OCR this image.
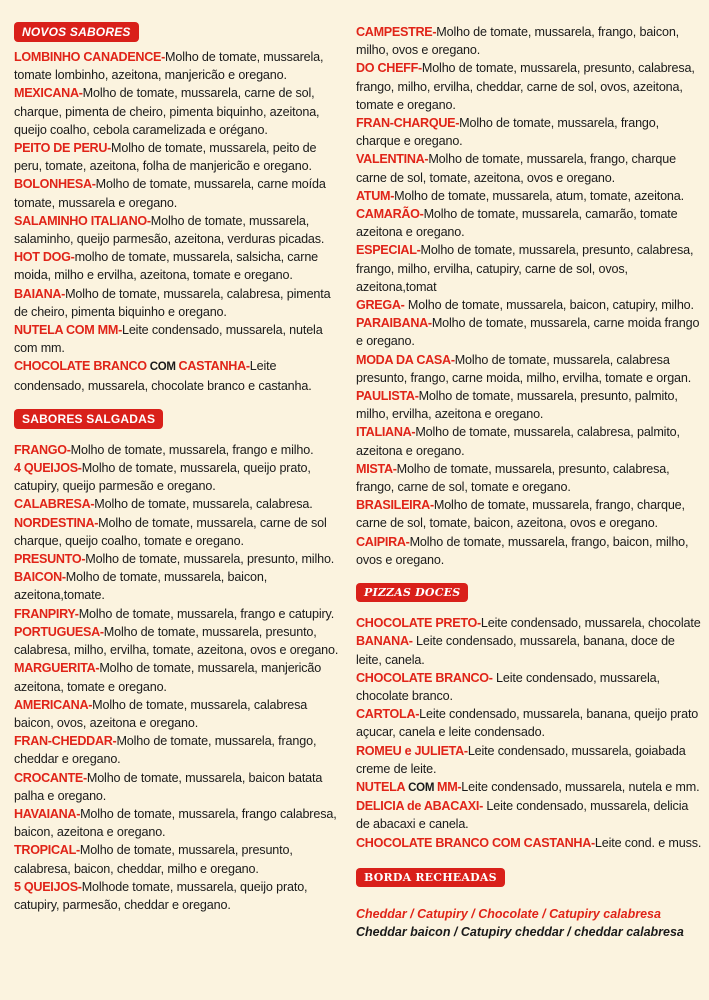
NOVOS SABORES
LOMBINHO CANADENCE-Molho de tomate, mussarela, tomate lombinho, azeitona, manjericão e oregano.
MEXICANA-Molho de tomate, mussarela, carne de sol, charque, pimenta de cheiro, pimenta biquinho, azeitona, queijo coalho, cebola caramelizada e orégano.
PEITO DE PERU-Molho de tomate, mussarela, peito de peru, tomate, azeitona, folha de manjericão e oregano.
BOLONHESA-Molho de tomate, mussarela, carne moída tomate, mussarela e oregano.
SALAMINHO ITALIANO-Molho de tomate, mussarela, salaminho, queijo parmesão, azeitona, verduras picadas.
HOT DOG-molho de tomate, mussarela, salsicha, carne moida, milho e ervilha, azeitona, tomate e oregano.
BAIANA-Molho de tomate, mussarela, calabresa, pimenta de cheiro, pimenta biquinho e oregano.
NUTELA COM MM-Leite condensado, mussarela, nutela com mm.
CHOCOLATE BRANCO COM CASTANHA-Leite condensado, mussarela, chocolate branco e castanha.
SABORES SALGADAS
FRANGO-Molho de tomate, mussarela, frango e milho.
4 QUEIJOS-Molho de tomate, mussarela, queijo prato, catupiry, queijo parmesão e oregano.
CALABRESA-Molho de tomate, mussarela, calabresa.
NORDESTINA-Molho de tomate, mussarela, carne de sol charque, queijo coalho, tomate e oregano.
PRESUNTO-Molho de tomate, mussarela, presunto, milho.
BAICON-Molho de tomate, mussarela, baicon, azeitona,tomate.
FRANPIRY-Molho de tomate, mussarela, frango e catupiry.
PORTUGUESA-Molho de tomate, mussarela, presunto, calabresa, milho, ervilha, tomate, azeitona, ovos e oregano.
MARGUERITA-Molho de tomate, mussarela, manjericão azeitona, tomate e oregano.
AMERICANA-Molho de tomate, mussarela, calabresa baicon, ovos, azeitona e oregano.
FRAN-CHEDDAR-Molho de tomate, mussarela, frango, cheddar e oregano.
CROCANTE-Molho de tomate, mussarela, baicon batata palha e oregano.
HAVAIANA-Molho de tomate, mussarela, frango calabresa, baicon, azeitona e oregano.
TROPICAL-Molho de tomate, mussarela, presunto, calabresa, baicon, cheddar, milho e oregano.
5 QUEIJOS-Molhode tomate, mussarela, queijo prato, catupiry, parmesão, cheddar e oregano.
CAMPESTRE-Molho de tomate, mussarela, frango, baicon, milho, ovos e oregano.
DO CHEFF-Molho de tomate, mussarela, presunto, calabresa, frango, milho, ervilha, cheddar, carne de sol, ovos, azeitona, tomate e oregano.
FRAN-CHARQUE-Molho de tomate, mussarela, frango, charque e oregano.
VALENTINA-Molho de tomate, mussarela, frango, charque carne de sol, tomate, azeitona, ovos e oregano.
ATUM-Molho de tomate, mussarela, atum, tomate, azeitona.
CAMARÃO-Molho de tomate, mussarela, camarão, tomate azeitona e oregano.
ESPECIAL-Molho de tomate, mussarela, presunto, calabresa, frango, milho, ervilha, catupiry, carne de sol, ovos, azeitona,tomat
GREGA- Molho de tomate, mussarela, baicon, catupiry, milho.
PARAIBANA-Molho de tomate, mussarela, carne moida frango e oregano.
MODA DA CASA-Molho de tomate, mussarela, calabresa presunto, frango, carne moida, milho, ervilha, tomate e organ.
PAULISTA-Molho de tomate, mussarela, presunto, palmito, milho, ervilha, azeitona e oregano.
ITALIANA-Molho de tomate, mussarela, calabresa, palmito, azeitona e oregano.
MISTA-Molho de tomate, mussarela, presunto, calabresa, frango, carne de sol, tomate e oregano.
BRASILEIRA-Molho de tomate, mussarela, frango, charque, carne de sol, tomate, baicon, azeitona, ovos e oregano.
CAIPIRA-Molho de tomate, mussarela, frango, baicon, milho, ovos e oregano.
PIZZAS DOCES
CHOCOLATE PRETO-Leite condensado, mussarela, chocolate
BANANA- Leite condensado, mussarela, banana, doce de leite, canela.
CHOCOLATE BRANCO- Leite condensado, mussarela, chocolate branco.
CARTOLA-Leite condensado, mussarela, banana, queijo prato açucar, canela e leite condensado.
ROMEU e JULIETA-Leite condensado, mussarela, goiabada creme de leite.
NUTELA COM MM-Leite condensado, mussarela, nutela e mm.
DELICIA de ABACAXI- Leite condensado, mussarela, delicia de abacaxi e canela.
CHOCOLATE BRANCO COM CASTANHA-Leite cond. e muss.
BORDA RECHEADAS
Cheddar / Catupiry / Chocolate / Catupiry calabresa
Cheddar baicon / Catupiry cheddar / cheddar calabresa
